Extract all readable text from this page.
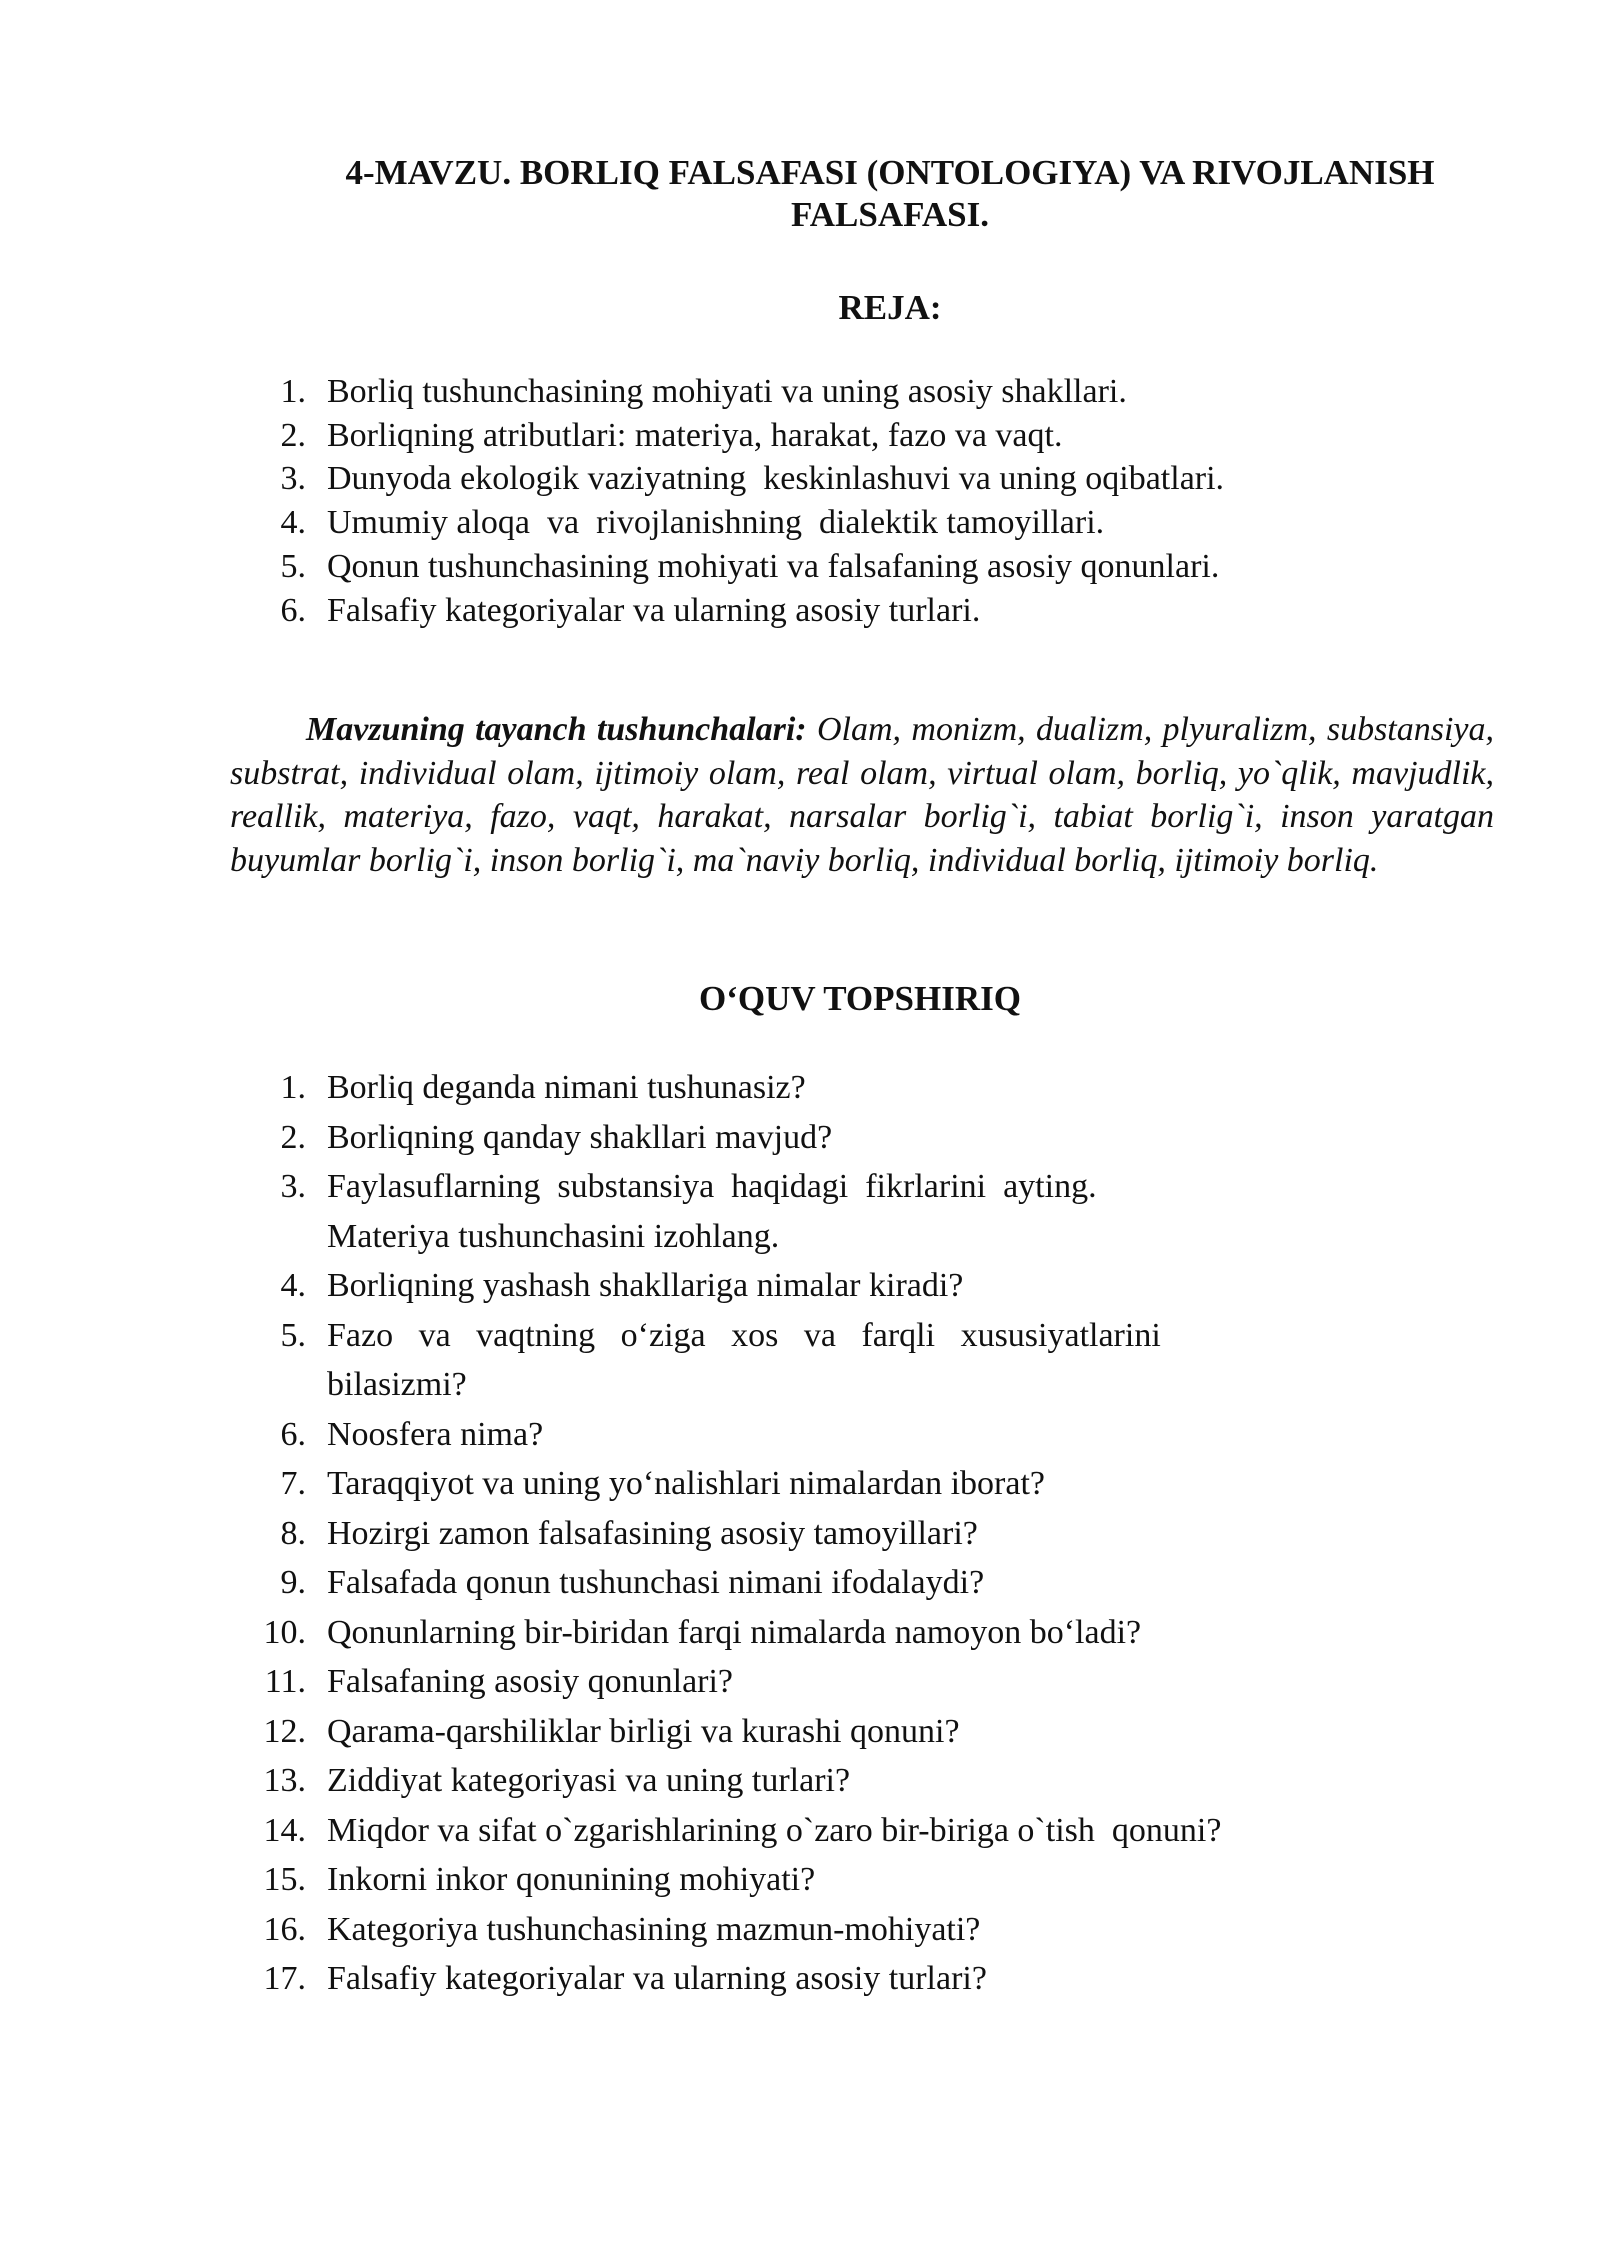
4-MAVZU. BORLIQ FALSAFASI (ONTOLOGIYA) VA RIVOJLANISH
FALSAFASI.
REJA:
1. Borliq tushunchasining mohiyati va uning asosiy shakllari.
2. Borliqning atributlari: materiya, harakat, fazo va vaqt.
3. Dunyoda ekologik vaziyatning  keskinlashuvi va uning oqibatlari.
4. Umumiy aloqa  va  rivojlanishning  dialektik tamoyillari.
5. Qonun tushunchasining mohiyati va falsafaning asosiy qonunlari.
6. Falsafiy kategoriyalar va ularning asosiy turlari.

Mavzuning tayanch tushunchalari: Olam, monizm, dualizm, plyuralizm, substansiya, substrat, individual olam, ijtimoiy olam, real olam, virtual olam, borliq, yo`qlik, mavjudlik, reallik, materiya, fazo, vaqt, harakat, narsalar borlig`i, tabiat borlig`i, inson yaratgan buyumlar borlig`i, inson borlig`i, ma`naviy borliq, individual borliq, ijtimoiy borliq.

O‘QUV TOPSHIRIQ
1. Borliq deganda nimani tushunasiz?
2. Borliqning qanday shakllari mavjud?
3. Faylasuflarning  substansiya  haqidagi  fikrlarini  ayting.
Materiya tushunchasini izohlang.
4. Borliqning yashash shakllariga nimalar kiradi?
5. Fazo   va   vaqtning   o‘ziga   xos   va   farqli   xususiyatlarini
bilasizmi?
6. Noosfera nima?
7. Taraqqiyot va uning yo‘nalishlari nimalardan iborat?
8. Hozirgi zamon falsafasining asosiy tamoyillari?
9. Falsafada qonun tushunchasi nimani ifodalaydi?
10. Qonunlarning bir-biridan farqi nimalarda namoyon bo‘ladi?
11. Falsafaning asosiy qonunlari?
12. Qarama-qarshiliklar birligi va kurashi qonuni?
13. Ziddiyat kategoriyasi va uning turlari?
14. Miqdor va sifat o`zgarishlarining o`zaro bir-biriga o`tish  qonuni?
15. Inkorni inkor qonunining mohiyati?
16. Kategoriya tushunchasining mazmun-mohiyati?
17. Falsafiy kategoriyalar va ularning asosiy turlari?
